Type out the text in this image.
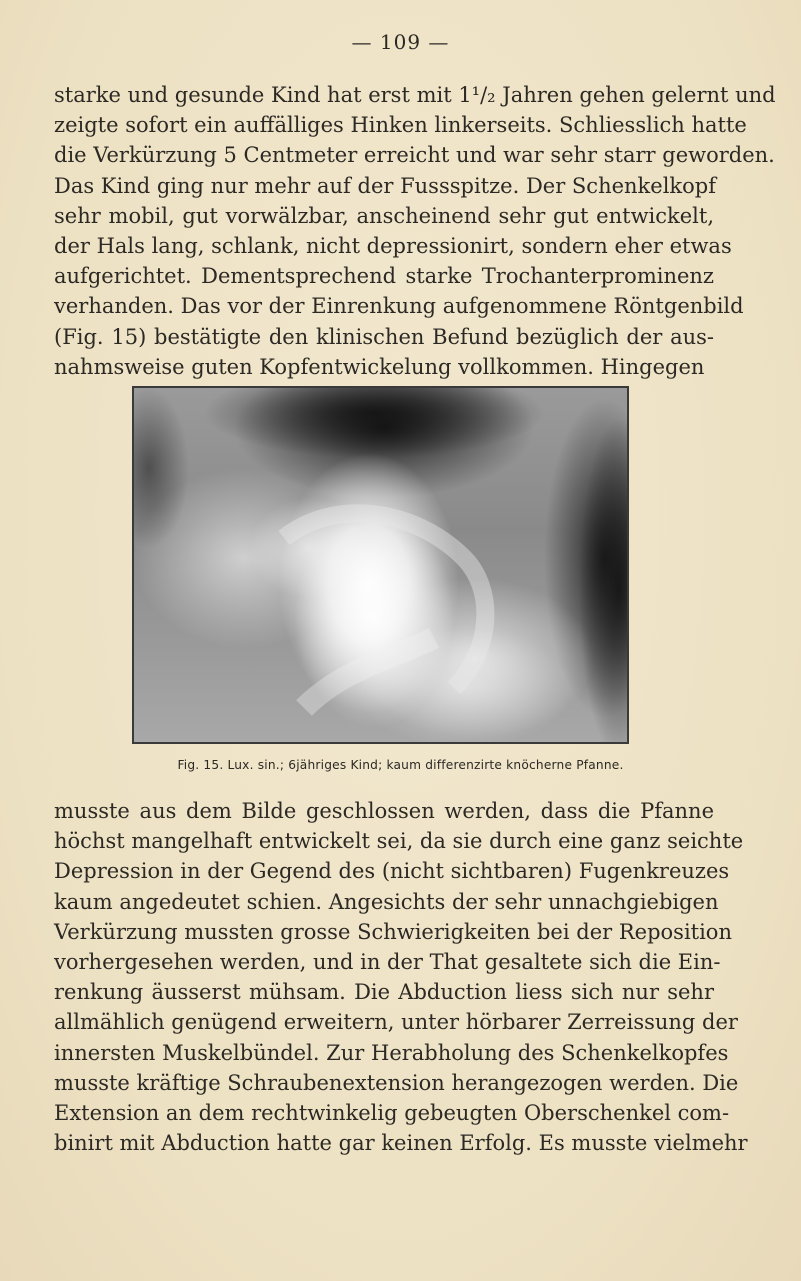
— 109 —
starke und gesunde Kind hat erst mit 1¹/₂ Jahren gehen gelernt und
zeigte sofort ein auffälliges Hinken linkerseits. Schliesslich hatte
die Verkürzung 5 Centmeter erreicht und war sehr starr geworden.
Das Kind ging nur mehr auf der Fussspitze. Der Schenkelkopf
sehr mobil, gut vorwälzbar, anscheinend sehr gut entwickelt,
der Hals lang, schlank, nicht depressionirt, sondern eher etwas
aufgerichtet. Dementsprechend starke Trochanterprominenz
verhanden. Das vor der Einrenkung aufgenommene Röntgenbild
(Fig. 15) bestätigte den klinischen Befund bezüglich der aus-
nahmsweise guten Kopfentwickelung vollkommen. Hingegen
Fig. 15. Lux. sin.; 6jähriges Kind; kaum differenzirte knöcherne Pfanne.
musste aus dem Bilde geschlossen werden, dass die Pfanne
höchst mangelhaft entwickelt sei, da sie durch eine ganz seichte
Depression in der Gegend des (nicht sichtbaren) Fugenkreuzes
kaum angedeutet schien. Angesichts der sehr unnachgiebigen
Verkürzung mussten grosse Schwierigkeiten bei der Reposition
vorhergesehen werden, und in der That gesaltete sich die Ein-
renkung äusserst mühsam. Die Abduction liess sich nur sehr
allmählich genügend erweitern, unter hörbarer Zerreissung der
innersten Muskelbündel. Zur Herabholung des Schenkelkopfes
musste kräftige Schraubenextension herangezogen werden. Die
Extension an dem rechtwinkelig gebeugten Oberschenkel com-
binirt mit Abduction hatte gar keinen Erfolg. Es musste vielmehr
